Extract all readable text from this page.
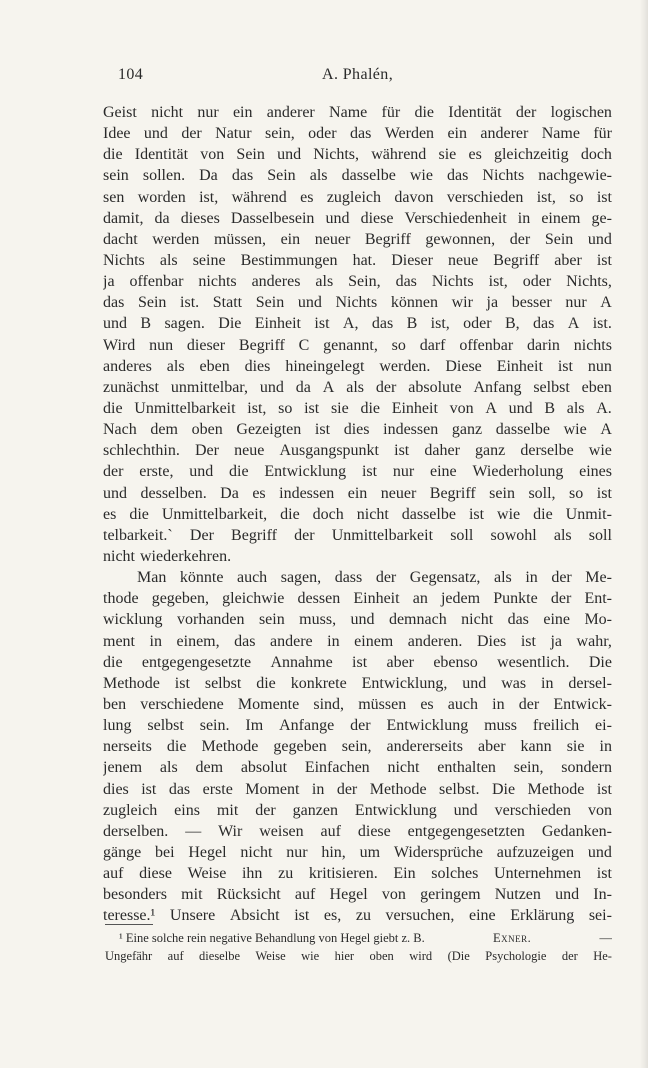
104	A. Phalén,
Geist nicht nur ein anderer Name für die Identität der logischen
Idee und der Natur sein, oder das Werden ein anderer Name für
die Identität von Sein und Nichts, während sie es gleichzeitig doch
sein sollen. Da das Sein als dasselbe wie das Nichts nachgewie-
sen worden ist, während es zugleich davon verschieden ist, so ist
damit, da dieses Dasselbesein und diese Verschiedenheit in einem ge-
dacht werden müssen, ein neuer Begriff gewonnen, der Sein und
Nichts als seine Bestimmungen hat. Dieser neue Begriff aber ist
ja offenbar nichts anderes als Sein, das Nichts ist, oder Nichts,
das Sein ist. Statt Sein und Nichts können wir ja besser nur A
und B sagen. Die Einheit ist A, das B ist, oder B, das A ist.
Wird nun dieser Begriff C genannt, so darf offenbar darin nichts
anderes als eben dies hineingelegt werden. Diese Einheit ist nun
zunächst unmittelbar, und da A als der absolute Anfang selbst eben
die Unmittelbarkeit ist, so ist sie die Einheit von A und B als A.
Nach dem oben Gezeigten ist dies indessen ganz dasselbe wie A
schlechthin. Der neue Ausgangspunkt ist daher ganz derselbe wie
der erste, und die Entwicklung ist nur eine Wiederholung eines
und desselben. Da es indessen ein neuer Begriff sein soll, so ist
es die Unmittelbarkeit, die doch nicht dasselbe ist wie die Unmit-
telbarkeit.` Der Begriff der Unmittelbarkeit soll sowohl als soll
nicht wiederkehren.
Man könnte auch sagen, dass der Gegensatz, als in der Me-
thode gegeben, gleichwie dessen Einheit an jedem Punkte der Ent-
wicklung vorhanden sein muss, und demnach nicht das eine Mo-
ment in einem, das andere in einem anderen. Dies ist ja wahr,
die entgegengesetzte Annahme ist aber ebenso wesentlich. Die
Methode ist selbst die konkrete Entwicklung, und was in dersel-
ben verschiedene Momente sind, müssen es auch in der Entwick-
lung selbst sein. Im Anfange der Entwicklung muss freilich ei-
nerseits die Methode gegeben sein, andererseits aber kann sie in
jenem als dem absolut Einfachen nicht enthalten sein, sondern
dies ist das erste Moment in der Methode selbst. Die Methode ist
zugleich eins mit der ganzen Entwicklung und verschieden von
derselben. — Wir weisen auf diese entgegengesetzten Gedanken-
gänge bei Hegel nicht nur hin, um Widersprüche aufzuzeigen und
auf diese Weise ihn zu kritisieren. Ein solches Unternehmen ist
besonders mit Rücksicht auf Hegel von geringem Nutzen und In-
teresse.¹ Unsere Absicht ist es, zu versuchen, eine Erklärung sei-
¹ Eine solche rein negative Behandlung von Hegel giebt z. B.	Exner.	—
Ungefähr auf dieselbe Weise wie hier oben wird (Die Psychologie der He-
